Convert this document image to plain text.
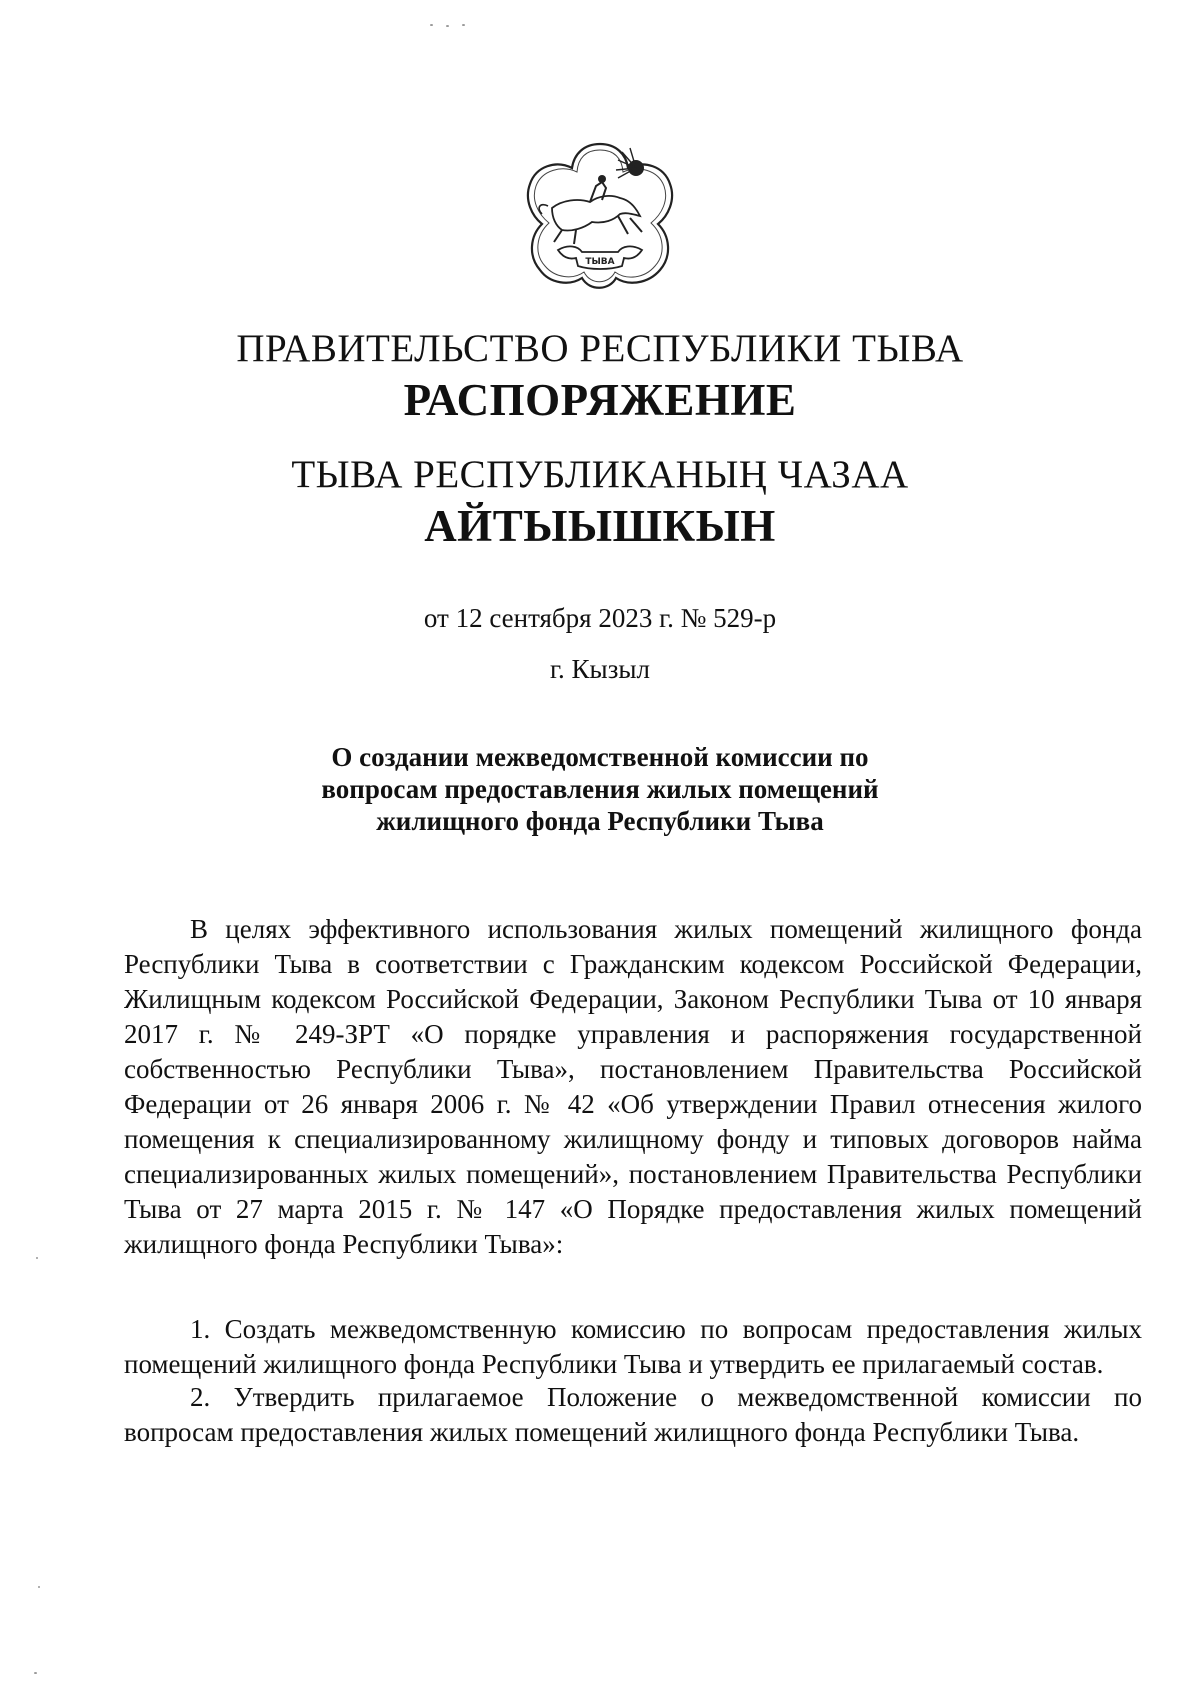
ТЫВА
ПРАВИТЕЛЬСТВО РЕСПУБЛИКИ ТЫВА
РАСПОРЯЖЕНИЕ
ТЫВА РЕСПУБЛИКАНЫҢ ЧАЗАА
АЙТЫЫШКЫН
от 12 сентября 2023 г. № 529-р
г. Кызыл
О создании межведомственной комиссии по
вопросам предоставления жилых помещений
жилищного фонда Республики Тыва
В целях эффективного использования жилых помещений жилищного фонда Республики Тыва в соответствии с Гражданским кодексом Российской Федерации, Жилищным кодексом Российской Федерации, Законом Республики Тыва от 10 января 2017 г. № 249-ЗРТ «О порядке управления и распоряжения государственной собственностью Республики Тыва», постановлением Правительства Российской Федерации от 26 января 2006 г. № 42 «Об утверждении Правил отнесения жилого помещения к специализированному жилищному фонду и типовых договоров найма специализированных жилых помещений», постановлением Правительства Республики Тыва от 27 марта 2015 г. № 147 «О Порядке предоставления жилых помещений жилищного фонда Республики Тыва»:
1. Создать межведомственную комиссию по вопросам предоставления жилых помещений жилищного фонда Республики Тыва и утвердить ее прилагаемый состав.
2. Утвердить прилагаемое Положение о межведомственной комиссии по вопросам предоставления жилых помещений жилищного фонда Республики Тыва.
